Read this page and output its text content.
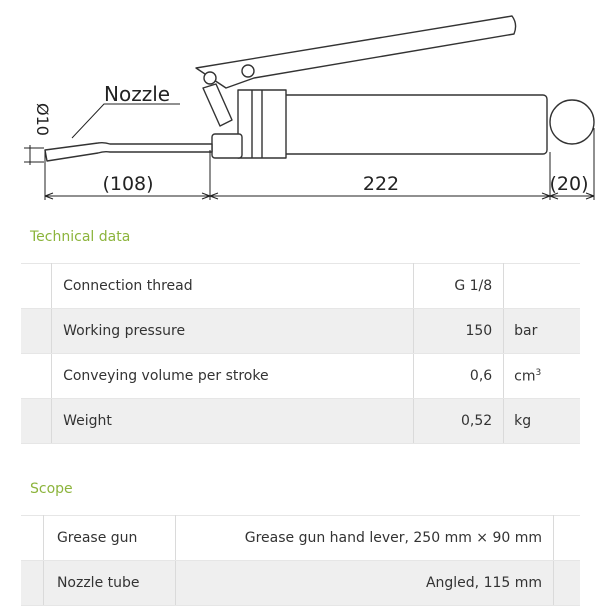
Nozzle
Ø10
(108)	222	(20)
Technical data
	Connection thread	G 1/8	
	Working pressure	150	bar
	Conveying volume per stroke	0,6	$cm^3$
	Weight	0,52	kg
Scope
	Grease gun	Grease gun hand lever, 250 mm × 90 mm	
	Nozzle tube	Angled, 115 mm	
